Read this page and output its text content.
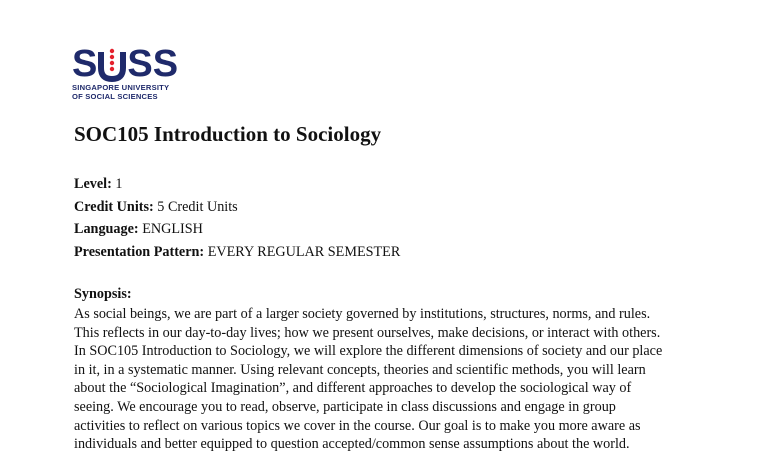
S SS
SINGAPORE UNIVERSITY
OF SOCIAL SCIENCES
SOC105 Introduction to Sociology
Level: 1
Credit Units: 5 Credit Units
Language: ENGLISH
Presentation Pattern: EVERY REGULAR SEMESTER
Synopsis:
As social beings, we are part of a larger society governed by institutions, structures, norms, and rules.
This reflects in our day-to-day lives; how we present ourselves, make decisions, or interact with others.
In SOC105 Introduction to Sociology, we will explore the different dimensions of society and our place
in it, in a systematic manner. Using relevant concepts, theories and scientific methods, you will learn
about the “Sociological Imagination”, and different approaches to develop the sociological way of
seeing. We encourage you to read, observe, participate in class discussions and engage in group
activities to reflect on various topics we cover in the course. Our goal is to make you more aware as
individuals and better equipped to question accepted/common sense assumptions about the world.
